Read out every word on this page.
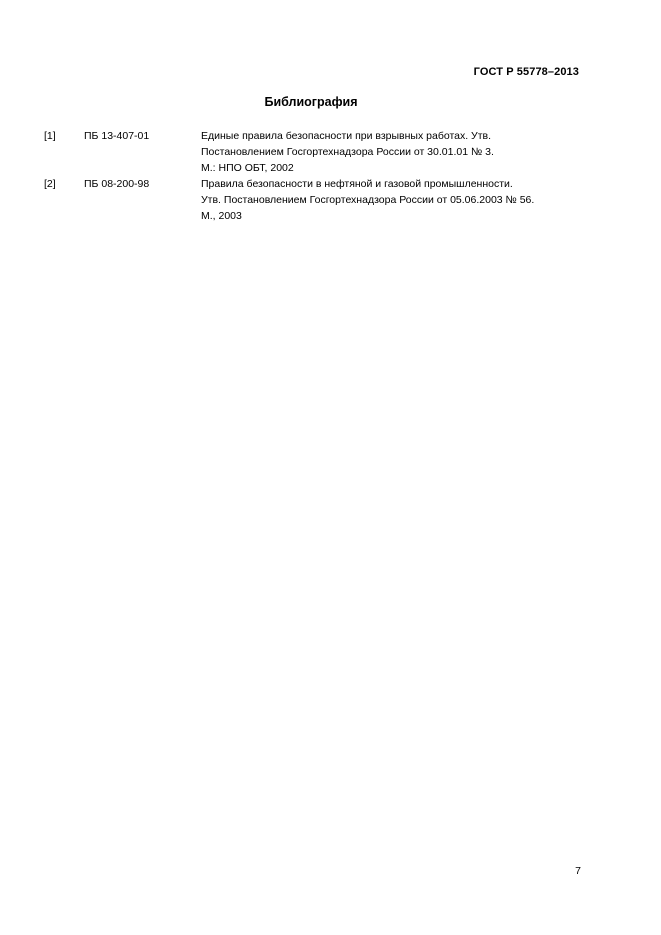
ГОСТ Р 55778–2013
Библиография
[1]	ПБ 13-407-01	Единые правила безопасности при взрывных работах. Утв.
Постановлением Госгортехнадзора России от 30.01.01 № 3.
М.: НПО ОБТ, 2002
[2]	ПБ 08-200-98	Правила безопасности в нефтяной и газовой промышленности.
Утв. Постановлением Госгортехнадзора России от 05.06.2003 № 56.
М., 2003
7
